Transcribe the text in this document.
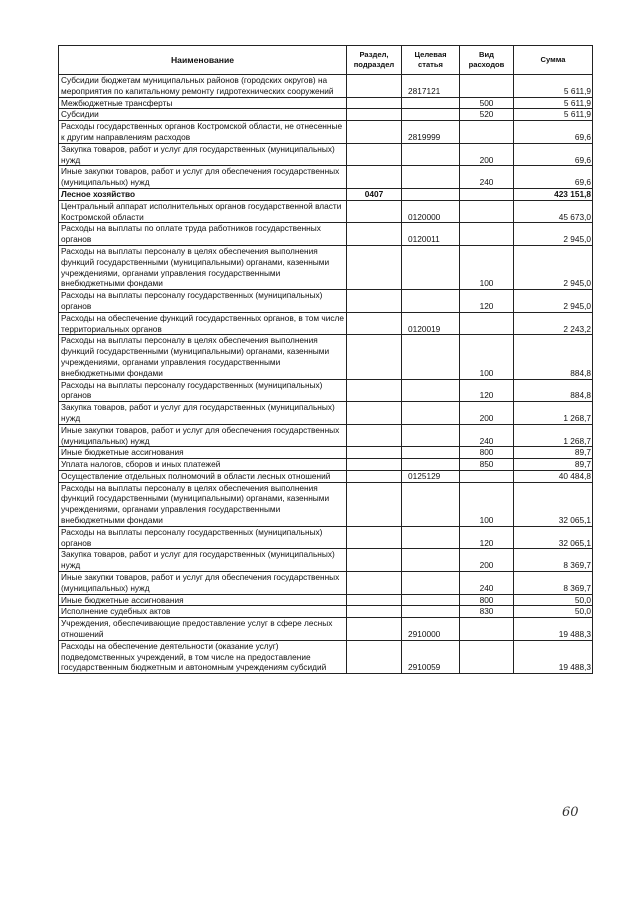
Наименование	Раздел, подраздел	Целевая статья	Вид расходов	Сумма
Субсидии бюджетам муниципальных районов (городских округов) на мероприятия по капитальному ремонту гидротехнических сооружений		2817121		5 611,9
Межбюджетные трансферты			500	5 611,9
Субсидии			520	5 611,9
Расходы государственных органов Костромской области, не отнесенные к другим направлениям расходов		2819999		69,6
Закупка товаров, работ и услуг для государственных (муниципальных) нужд			200	69,6
Иные закупки товаров, работ и услуг для обеспечения государственных (муниципальных) нужд			240	69,6
Лесное хозяйство	0407			423 151,8
Центральный аппарат исполнительных органов государственной власти Костромской области		0120000		45 673,0
Расходы на выплаты по оплате труда работников государственных органов		0120011		2 945,0
Расходы на выплаты персоналу в целях обеспечения выполнения функций государственными (муниципальными) органами, казенными учреждениями, органами управления государственными внебюджетными фондами			100	2 945,0
Расходы на выплаты персоналу государственных (муниципальных) органов			120	2 945,0
Расходы на обеспечение функций государственных органов, в том числе территориальных органов		0120019		2 243,2
Расходы на выплаты персоналу в целях обеспечения выполнения функций государственными (муниципальными) органами, казенными учреждениями, органами управления государственными внебюджетными фондами			100	884,8
Расходы на выплаты персоналу государственных (муниципальных) органов			120	884,8
Закупка товаров, работ и услуг для государственных (муниципальных) нужд			200	1 268,7
Иные закупки товаров, работ и услуг для обеспечения государственных (муниципальных) нужд			240	1 268,7
Иные бюджетные ассигнования			800	89,7
Уплата налогов, сборов и иных платежей			850	89,7
Осуществление отдельных полномочий в области лесных отношений		0125129		40 484,8
Расходы на выплаты персоналу в целях обеспечения выполнения функций государственными (муниципальными) органами, казенными учреждениями, органами управления государственными внебюджетными фондами			100	32 065,1
Расходы на выплаты персоналу государственных (муниципальных) органов			120	32 065,1
Закупка товаров, работ и услуг для государственных (муниципальных) нужд			200	8 369,7
Иные закупки товаров, работ и услуг для обеспечения государственных (муниципальных) нужд			240	8 369,7
Иные бюджетные ассигнования			800	50,0
Исполнение судебных актов			830	50,0
Учреждения, обеспечивающие предоставление услуг в сфере лесных отношений		2910000		19 488,3
Расходы на обеспечение деятельности (оказание услуг) подведомственных учреждений, в том числе на предоставление государственным бюджетным и автономным учреждениям субсидий		2910059		19 488,3
60
